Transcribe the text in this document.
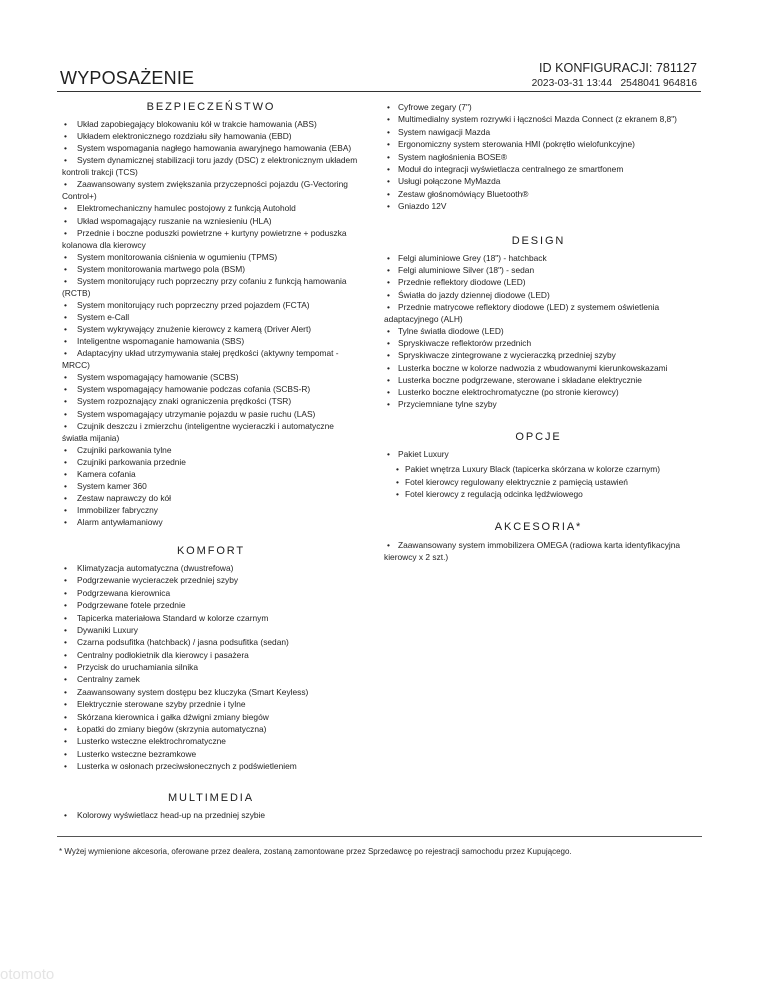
WYPOSAŻENIE	ID KONFIGURACJI: 781127
2023-03-31 13:44   2548041 964816
BEZPIECZEŃSTWO
• Układ zapobiegający blokowaniu kół w trakcie hamowania (ABS)
• Układem elektronicznego rozdziału siły hamowania (EBD)
• System wspomagania nagłego hamowania awaryjnego hamowania (EBA)
• System dynamicznej stabilizacji toru jazdy (DSC) z elektronicznym układem kontroli trakcji (TCS)
• Zaawansowany system zwiększania przyczepności pojazdu (G-Vectoring Control+)
• Elektromechaniczny hamulec postojowy z funkcją Autohold
• Układ wspomagający ruszanie na wzniesieniu (HLA)
• Przednie i boczne poduszki powietrzne + kurtyny powietrzne + poduszka kolanowa dla kierowcy
• System monitorowania ciśnienia w ogumieniu (TPMS)
• System monitorowania martwego pola (BSM)
• System monitorujący ruch poprzeczny przy cofaniu z funkcją hamowania (RCTB)
• System monitorujący ruch poprzeczny przed pojazdem (FCTA)
• System e-Call
• System wykrywający znużenie kierowcy z kamerą (Driver Alert)
• Inteligentne wspomaganie hamowania (SBS)
• Adaptacyjny układ utrzymywania stałej prędkości (aktywny tempomat - MRCC)
• System wspomagający hamowanie (SCBS)
• System wspomagający hamowanie podczas cofania (SCBS-R)
• System rozpoznający znaki ograniczenia prędkości (TSR)
• System wspomagający utrzymanie pojazdu w pasie ruchu (LAS)
• Czujnik deszczu i zmierzchu (inteligentne wycieraczki i automatyczne światła mijania)
• Czujniki parkowania tylne
• Czujniki parkowania przednie
• Kamera cofania
• System kamer 360
• Zestaw naprawczy do kół
• Immobilizer fabryczny
• Alarm antywłamaniowy
KOMFORT
• Klimatyzacja automatyczna (dwustrefowa)
• Podgrzewanie wycieraczek przedniej szyby
• Podgrzewana kierownica
• Podgrzewane fotele przednie
• Tapicerka materiałowa Standard w kolorze czarnym
• Dywaniki Luxury
• Czarna podsufitka (hatchback) / jasna podsufitka (sedan)
• Centralny podłokietnik dla kierowcy i pasażera
• Przycisk do uruchamiania silnika
• Centralny zamek
• Zaawansowany system dostępu bez kluczyka (Smart Keyless)
• Elektrycznie sterowane szyby przednie i tylne
• Skórzana kierownica i gałka dźwigni zmiany biegów
• Łopatki do zmiany biegów (skrzynia automatyczna)
• Lusterko wsteczne elektrochromatyczne
• Lusterko wsteczne bezramkowe
• Lusterka w osłonach przeciwsłonecznych z podświetleniem
MULTIMEDIA
• Kolorowy wyświetlacz head-up na przedniej szybie
• Cyfrowe zegary (7")
• Multimedialny system rozrywki i łączności Mazda Connect (z ekranem 8,8")
• System nawigacji Mazda
• Ergonomiczny system sterowania HMI (pokrętło wielofunkcyjne)
• System nagłośnienia BOSE®
• Moduł do integracji wyświetlacza centralnego ze smartfonem
• Usługi połączone MyMazda
• Zestaw głośnomówiący Bluetooth®
• Gniazdo 12V
DESIGN
• Felgi aluminiowe Grey (18") - hatchback
• Felgi aluminiowe Silver (18") - sedan
• Przednie reflektory diodowe (LED)
• Światła do jazdy dziennej diodowe (LED)
• Przednie matrycowe reflektory diodowe (LED) z systemem oświetlenia adaptacyjnego (ALH)
• Tylne światła diodowe (LED)
• Spryskiwacze reflektorów przednich
• Spryskiwacze zintegrowane z wycieraczką przedniej szyby
• Lusterka boczne w kolorze nadwozia z wbudowanymi kierunkowskazami
• Lusterka boczne podgrzewane, sterowane i składane elektrycznie
• Lusterko boczne elektrochromatyczne (po stronie kierowcy)
• Przyciemniane tylne szyby
OPCJE
• Pakiet Luxury
• Pakiet wnętrza Luxury Black (tapicerka skórzana w kolorze czarnym)
• Fotel kierowcy regulowany elektrycznie z pamięcią ustawień
• Fotel kierowcy z regulacją odcinka lędźwiowego
AKCESORIA*
• Zaawansowany system immobilizera OMEGA (radiowa karta identyfikacyjna kierowcy x 2 szt.)
* Wyżej wymienione akcesoria, oferowane przez dealera, zostaną zamontowane przez Sprzedawcę po rejestracji samochodu przez Kupującego.
otomoto
